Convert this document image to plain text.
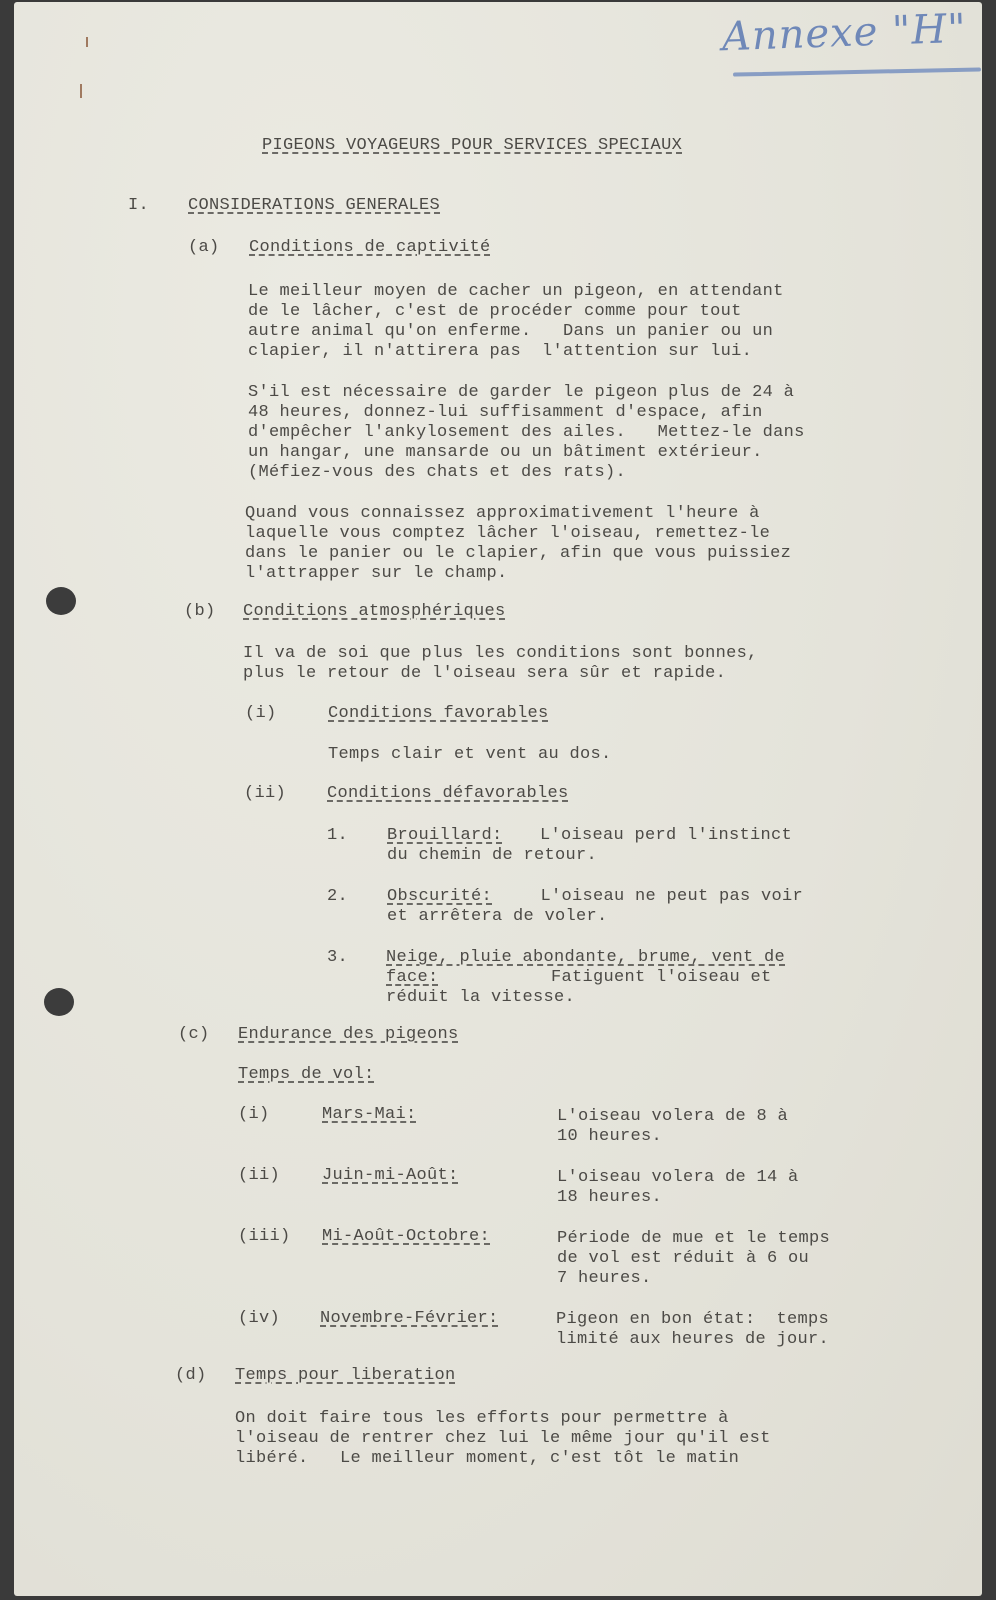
Annexe "H"
PIGEONS VOYAGEURS POUR SERVICES SPECIAUX
I. CONSIDERATIONS GENERALES
(a) Conditions de captivité
Le meilleur moyen de cacher un pigeon, en attendant
de le lâcher, c'est de procéder comme pour tout
autre animal qu'on enferme.   Dans un panier ou un
clapier, il n'attirera pas  l'attention sur lui.
S'il est nécessaire de garder le pigeon plus de 24 à
48 heures, donnez-lui suffisamment d'espace, afin
d'empêcher l'ankylosement des ailes.   Mettez-le dans
un hangar, une mansarde ou un bâtiment extérieur.
(Méfiez-vous des chats et des rats).
Quand vous connaissez approximativement l'heure à
laquelle vous comptez lâcher l'oiseau, remettez-le
dans le panier ou le clapier, afin que vous puissiez
l'attrapper sur le champ.
(b) Conditions atmosphériques
Il va de soi que plus les conditions sont bonnes,
plus le retour de l'oiseau sera sûr et rapide.
(i)	Conditions favorables
Temps clair et vent au dos.
(ii) Conditions défavorables
1. Brouillard: L'oiseau perd l'instinct
du chemin de retour.
2. Obscurité: L'oiseau ne peut pas voir
et arrêtera de voler.
3. Neige, pluie abondante, brume, vent de
face: Fatiguent l'oiseau et
réduit la vitesse.
(c) Endurance des pigeons
Temps de vol:
(i)	Mars-Mai:	L'oiseau volera de 8 à
10 heures.
(ii) Juin-mi-Août:	L'oiseau volera de 14 à
18 heures.
(iii) Mi-Août-Octobre:	Période de mue et le temps
de vol est réduit à 6 ou
7 heures.
(iv) Novembre-Février:	Pigeon en bon état:  temps
limité aux heures de jour.
(d) Temps pour liberation
On doit faire tous les efforts pour permettre à
l'oiseau de rentrer chez lui le même jour qu'il est
libéré.   Le meilleur moment, c'est tôt le matin
